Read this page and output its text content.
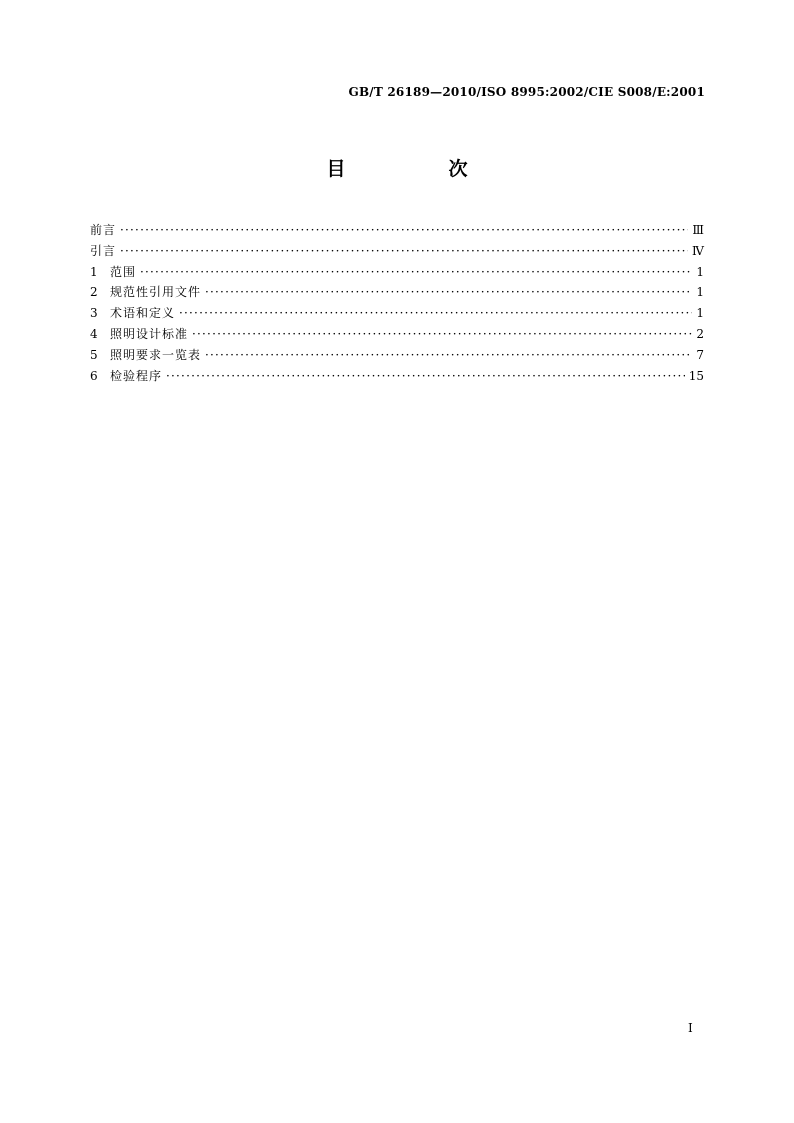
GB/T 26189—2010/ISO 8995:2002/CIE S008/E:2001
目　次
前言 ·····	Ⅲ
引言 ·····	Ⅳ
1	范围 ·····	1
2	规范性引用文件 ·····	1
3	术语和定义 ·····	1
4	照明设计标准 ·····	2
5	照明要求一览表 ·····	7
6	检验程序 ·····	15
Ⅰ
